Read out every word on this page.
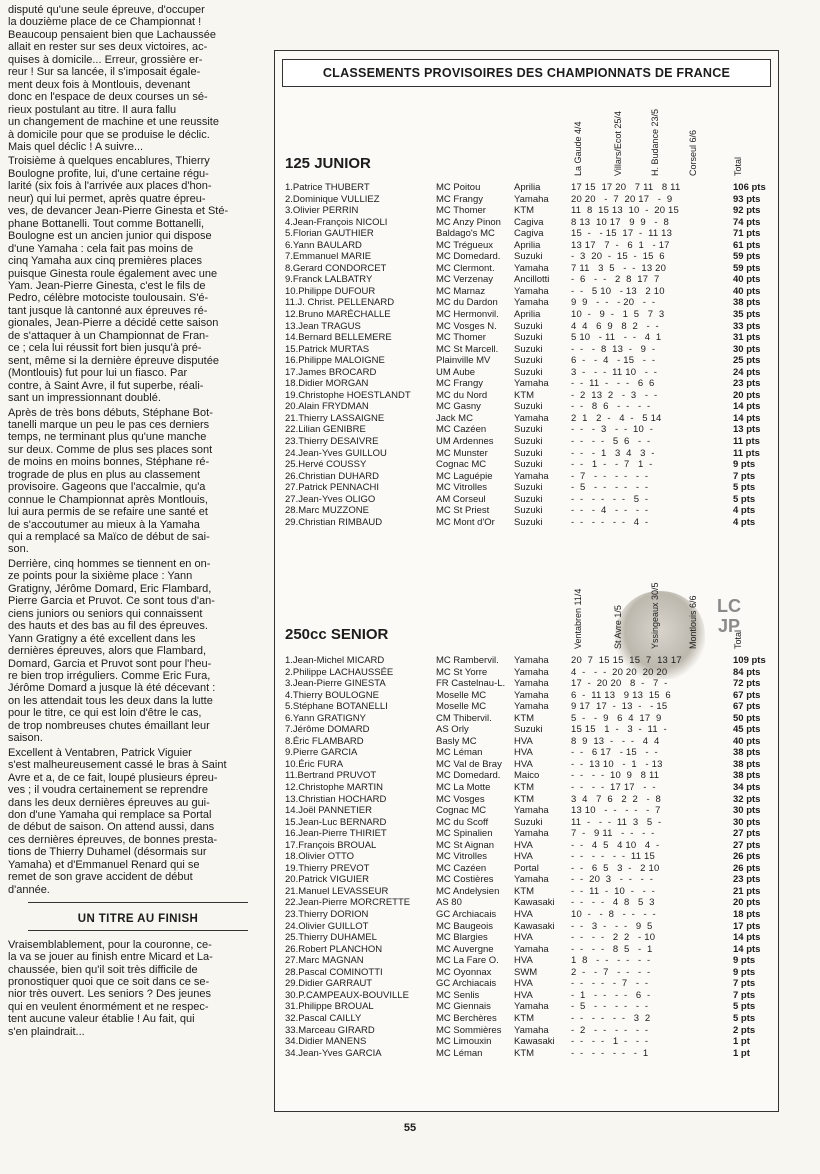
disputé qu'une seule épreuve, d'occuper
la douzième place de ce Championnat !
Beaucoup pensaient bien que Lachaussée
allait en rester sur ses deux victoires, ac-
quises à domicile... Erreur, grossière er-
reur ! Sur sa lancée, il s'imposait égale-
ment deux fois à Montlouis, devenant
donc en l'espace de deux courses un sé-
rieux postulant au titre. Il aura fallu
un changement de machine et une reussite
à domicile pour que se produise le déclic.
Mais quel déclic ! A suivre...

Troisième à quelques encablures, Thierry
Boulogne profite, lui, d'une certaine régu-
larité (six fois à l'arrivée aux places d'hon-
neur) qui lui permet, après quatre épreu-
ves, de devancer Jean-Pierre Ginesta et Sté-
phane Bottanelli. Tout comme Bottanelli,
Boulogne est un ancien junior qui dispose
d'une Yamaha : cela fait pas moins de
cinq Yamaha aux cinq premières places
puisque Ginesta roule également avec une
Yam. Jean-Pierre Ginesta, c'est le fils de
Pedro, célèbre motociste toulousain. S'é-
tant jusque là cantonné aux épreuves ré-
gionales, Jean-Pierre a décidé cette saison
de s'attaquer à un Championnat de Fran-
ce ; cela lui réussit fort bien jusqu'à pré-
sent, même si la dernière épreuve disputée
(Montlouis) fut pour lui un fiasco. Par
contre, à Saint Avre, il fut superbe, réali-
sant un impressionnant doublé.

Après de très bons débuts, Stéphane Bot-
tanelli marque un peu le pas ces derniers
temps, ne terminant plus qu'une manche
sur deux. Comme de plus ses places sont
de moins en moins bonnes, Stéphane ré-
trograde de plus en plus au classement
provisoire. Gageons que l'accalmie, qu'a
connue le Championnat après Montlouis,
lui aura permis de se refaire une santé et
de s'accoutumer au mieux à la Yamaha
qui a remplacé sa Maïco de début de sai-
son.

Derrière, cinq hommes se tiennent en on-
ze points pour la sixième place : Yann
Gratigny, Jérôme Domard, Eric Flambard,
Pierre Garcia et Pruvot. Ce sont tous d'an-
ciens juniors ou seniors qui connaissent
des hauts et des bas au fil des épreuves.
Yann Gratigny a été excellent dans les
dernières épreuves, alors que Flambard,
Domard, Garcia et Pruvot sont pour l'heu-
re bien trop irréguliers. Comme Eric Fura,
Jérôme Domard a jusque là été décevant :
on les attendait tous les deux dans la lutte
pour le titre, ce qui est loin d'être le cas,
de trop nombreuses chutes émaillant leur
saison.

Excellent à Ventabren, Patrick Viguier
s'est malheureusement cassé le bras à Saint
Avre et a, de ce fait, loupé plusieurs épreu-
ves ; il voudra certainement se reprendre
dans les deux dernières épreuves au gui-
don d'une Yamaha qui remplace sa Portal
de début de saison. On attend aussi, dans
ces dernières épreuves, de bonnes presta-
tions de Thierry Duhamel (désormais sur
Yamaha) et d'Emmanuel Renard qui se
remet de son grave accident de début
d'année.

UN TITRE AU FINISH

Vraisemblablement, pour la couronne, ce-
la va se jouer au finish entre Micard et La-
chaussée, bien qu'il soit très difficile de
pronostiquer quoi que ce soit dans ce se-
nior très ouvert. Les seniors ? Des jeunes
qui en veulent énormément et ne respec-
tent aucune valeur établie ! Au fait, qui
s'en plaindrait...

CLASSEMENTS PROVISOIRES DES CHAMPIONNATS DE FRANCE
125 JUNIOR	La Gaude 4/4	Villars/Ecot 25/4	H. Budance 23/5	Corseul 6/6	Total
1.Patrice THUBERT	MC Poitou	Aprilia	17 15  17 20   7 11   8 11	106 pts
2.Dominique VULLIEZ	MC Frangy	Yamaha	20 20   -  7  20 17   -  9	93 pts
3.Olivier PERRIN	MC Thomer	KTM	11  8  15 13  10  -  20 15	92 pts
4.Jean-François NICOLI	MC Anzy Pinon	Cagiva	8 13  10 17   9  9   -  8	74 pts
5.Florian GAUTHIER	Baldago's MC	Cagiva	15  -   - 15  17  -  11 13	71 pts
6.Yann BAULARD	MC Trégueux	Aprilia	13 17   7  -   6  1   - 17	61 pts
7.Emmanuel MARIE	MC Domedard.	Suzuki	-  3  20  -  15  -  15  6	59 pts
8.Gerard CONDORCET	MC Clermont.	Yamaha	7 11   3  5   -  -  13 20	59 pts
9.Franck LALBATRY	MC Verzenay	Ancillotti	-  6   -  -   2  8  17  7	40 pts
10.Philippe DUFOUR	MC Marnaz	Yamaha	-  -   5 10   - 13   2 10	40 pts
11.J. Christ. PELLENARD	MC du Dardon	Yamaha	9  9   -  -   - 20   -  -	38 pts
12.Bruno MARÉCHALLE	MC Hermonvil.	Aprilia	10  -   9  -   1  5   7  3	35 pts
13.Jean TRAGUS	MC Vosges N.	Suzuki	4  4   6  9   8  2   -  -	33 pts
14.Bernard BELLEMERE	MC Thomer	Suzuki	5 10   - 11   -  -   4  1	31 pts
15.Patrick MURTAS	MC St Marcell.	Suzuki	-  -   -  8  13  -   9  -	30 pts
16.Philippe MALOIGNE	Plainville MV	Suzuki	6  -   -  4   - 15   -  -	25 pts
17.James BROCARD	UM Aube	Suzuki	3  -   -  -  11 10   -  -	24 pts
18.Didier MORGAN	MC Frangy	Yamaha	-  -  11  -   -  -   6  6	23 pts
19.Christophe HOESTLANDT	MC du Nord	KTM	-  2  13  2   -  3   -  -	20 pts
20.Alain FRYDMAN	MC Gasny	Suzuki	-  -   8  6   -  -   -  -	14 pts
21.Thierry LASSAIGNE	Jack MC	Yamaha	2  1   2  -   4  -   5 14	14 pts
22.Lilian GENIBRE	MC Cazéen	Suzuki	-  -   -  3   -  -  10  -	13 pts
23.Thierry DESAIVRE	UM Ardennes	Suzuki	-  -   -  -   5  6   -  -	11 pts
24.Jean-Yves GUILLOU	MC Munster	Suzuki	-  -   -  1   3  4   3  -	11 pts
25.Hervé COUSSY	Cognac MC	Suzuki	-  -   1  -   -  7   1  -	9 pts
26.Christian DUHARD	MC Laguépie	Yamaha	-  7   -  -   -  -   -  -	7 pts
27.Patrick PENNACHI	MC Vitrolles	Suzuki	-  5   -  -   -  -   -  -	5 pts
27.Jean-Yves OLIGO	AM Corseul	Suzuki	-  -   -  -   -  -   5  -	5 pts
28.Marc MUZZONE	MC St Priest	Suzuki	-  -   -  4   -  -   -  -	4 pts
29.Christian RIMBAUD	MC Mont d'Or	Suzuki	-  -   -  -   -  -   4  -	4 pts
LC
JP
250cc SENIOR	Ventabren 11/4	St Avre 1/5	Yssingeaux 30/5	Montlouis 6/6	Total
1.Jean-Michel MICARD	MC Rambervil.	Yamaha	20  7  15 15  15  7  13 17	109 pts
2.Philippe LACHAUSSÉE	MC St Yorre	Yamaha	4  -   -  -  20 20  20 20	84 pts
3.Jean-Pierre GINESTA	FR Castelnau-L. Yamaha	17  -  20 20   8  -   7  -	72 pts
4.Thierry BOULOGNE	Moselle MC	Yamaha	6  -  11 13   9 13  15  6	67 pts
5.Stéphane BOTANELLI	Moselle MC	Yamaha	9 17  17  -  13  -   - 15	67 pts
6.Yann GRATIGNY	CM Thibervil.	KTM	5  -   -  9   6  4  17  9	50 pts
7.Jérôme DOMARD	AS Orly	Suzuki	15 15   1  -   3  -  11  -	45 pts
8.Éric FLAMBARD	Basly MC	HVA	8  9  13  -   -  -   4  4	40 pts
9.Pierre GARCIA	MC Léman	HVA	-  -   6 17   - 15   -  -	38 pts
10.Éric FURA	MC Val de Bray	HVA	-  -  13 10   -  1   - 13	38 pts
11.Bertrand PRUVOT	MC Domedard.	Maico	-  -   -  -  10  9   8 11	38 pts
12.Christophe MARTIN	MC La Motte	KTM	-  -   -  -  17 17   -  -	34 pts
13.Christian HOCHARD	MC Vosges	KTM	3  4   7  6   2  2   -  8	32 pts
14.Joël PANNETIER	Cognac MC	Yamaha	13 10   -  -   -  -   -  7	30 pts
15.Jean-Luc BERNARD	MC du Scoff	Suzuki	11  -   -  -  11  3   5  -	30 pts
16.Jean-Pierre THIRIET	MC Spinalien	Yamaha	7  -   9 11   -  -   -  -	27 pts
17.François BROUAL	MC St Aignan	HVA	-  -   4  5   4 10   4  -	27 pts
18.Olivier OTTO	MC Vitrolles	HVA	-  -   -  -   -  -  11 15	26 pts
19.Thierry PREVOT	MC Cazéen	Portal	-  -   6  5   3  -   2 10	26 pts
20.Patrick VIGUIER	MC Costières	Yamaha	-  -  20  3   -  -   -  -	23 pts
21.Manuel LEVASSEUR	MC Andelysien	KTM	-  -  11  -  10  -   -  -	21 pts
22.Jean-Pierre MORCRETTE	AS 80	Kawasaki	-  -   -  -   4  8   5  3	20 pts
23.Thierry DORION	GC Archiacais	HVA	10  -   -  8   -  -   -  -	18 pts
24.Olivier GUILLOT	MC Baugeois	Kawasaki	-  -   3  -   -  -   9  5	17 pts
25.Thierry DUHAMEL	MC Blargies	HVA	-  -   -  -   2  2   - 10	14 pts
26.Robert PLANCHON	MC Auvergne	Yamaha	-  -   -  -   8  5   -  1	14 pts
27.Marc MAGNAN	MC La Fare O.	HVA	1  8   -  -   -  -   -  -	9 pts
28.Pascal COMINOTTI	MC Oyonnax	SWM	2  -   -  7   -  -   -  -	9 pts
29.Didier GARRAUT	GC Archiacais	HVA	-  -   -  -   -  7   -  -	7 pts
30.P.CAMPEAUX-BOUVILLE	MC Senlis	HVA	-  1   -  -   -  -   6  -	7 pts
31.Philippe BROUAL	MC Giennais	Yamaha	-  5   -  -   -  -   -  -	5 pts
32.Pascal CAILLY	MC Berchères	KTM	-  -   -  -   -  -   3  2	5 pts
33.Marceau GIRARD	MC Sommières	Yamaha	-  2   -  -   -  -   -  -	2 pts
34.Didier MANENS	MC Limouxin	Kawasaki	-  -   -  -   1  -   -  -	1 pt
34.Jean-Yves GARCIA	MC Léman	KTM	-  -   -  -   -  -   -  1	1 pt
55
